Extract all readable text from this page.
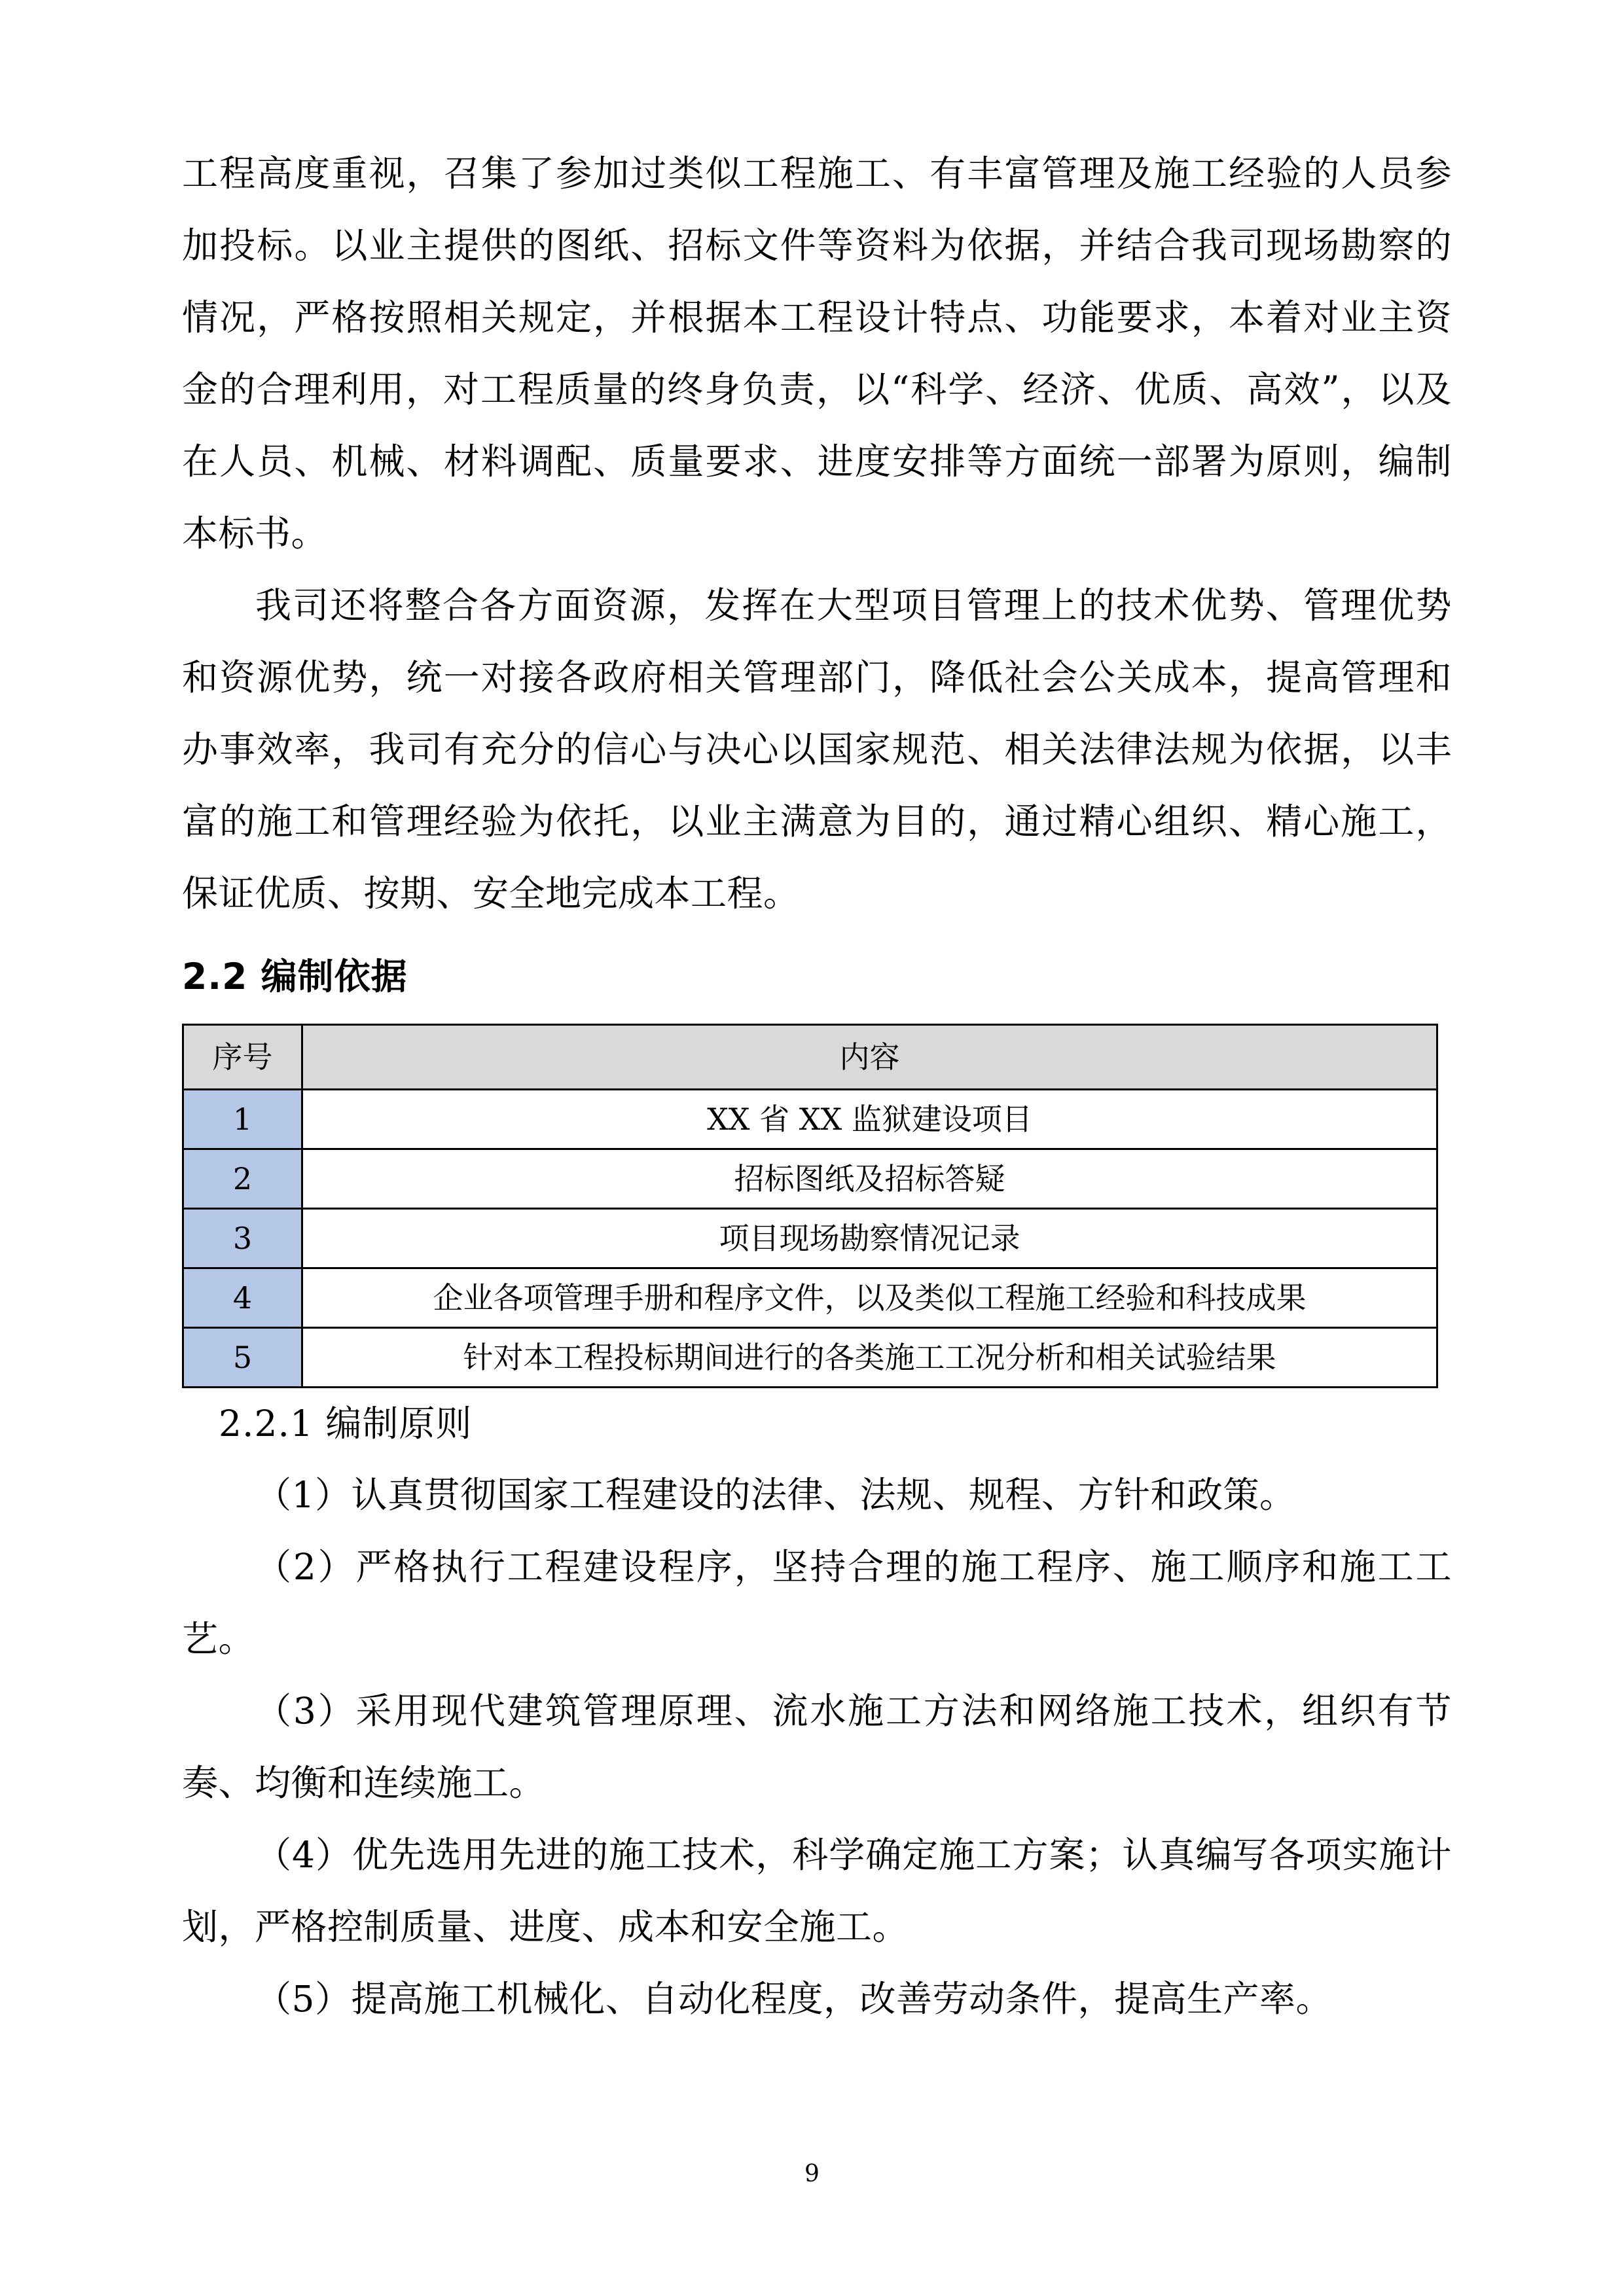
工程高度重视，召集了参加过类似工程施工、有丰富管理及施工经验的人员参加投标。以业主提供的图纸、招标文件等资料为依据，并结合我司现场勘察的情况，严格按照相关规定，并根据本工程设计特点、功能要求，本着对业主资金的合理利用，对工程质量的终身负责，以“科学、经济、优质、高效”，以及在人员、机械、材料调配、质量要求、进度安排等方面统一部署为原则，编制本标书。

我司还将整合各方面资源，发挥在大型项目管理上的技术优势、管理优势和资源优势，统一对接各政府相关管理部门，降低社会公关成本，提高管理和办事效率，我司有充分的信心与决心以国家规范、相关法律法规为依据，以丰富的施工和管理经验为依托，以业主满意为目的，通过精心组织、精心施工，保证优质、按期、安全地完成本工程。

2.2 编制依据
序号	内容
1	XX 省 XX 监狱建设项目
2	招标图纸及招标答疑
3	项目现场勘察情况记录
4	企业各项管理手册和程序文件，以及类似工程施工经验和科技成果
5	针对本工程投标期间进行的各类施工工况分析和相关试验结果
2.2.1 编制原则

（1）认真贯彻国家工程建设的法律、法规、规程、方针和政策。

（2）严格执行工程建设程序，坚持合理的施工程序、施工顺序和施工工艺。

（3）采用现代建筑管理原理、流水施工方法和网络施工技术，组织有节奏、均衡和连续施工。

（4）优先选用先进的施工技术，科学确定施工方案；认真编写各项实施计划，严格控制质量、进度、成本和安全施工。

（5）提高施工机械化、自动化程度，改善劳动条件，提高生产率。

9
